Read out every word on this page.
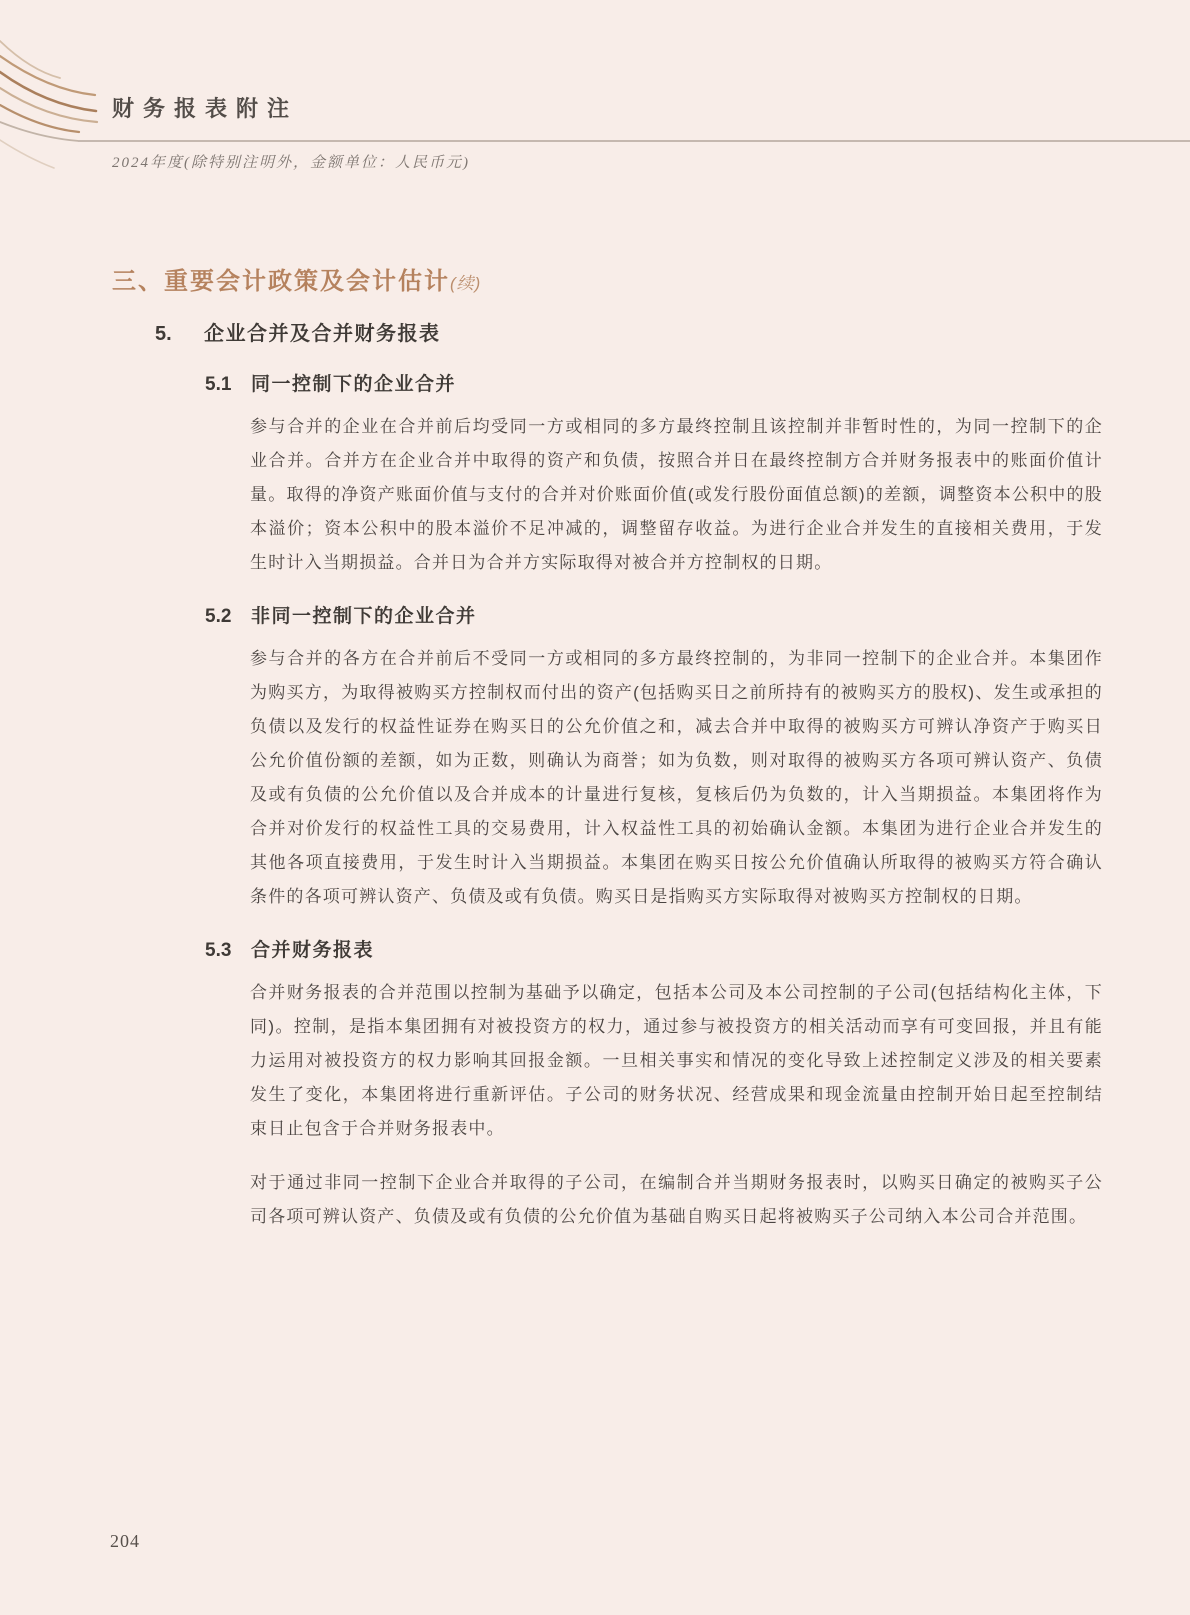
财务报表附注
2024年度(除特别注明外，金额单位：人民币元)
三、重要会计政策及会计估计(续)
5. 企业合并及合并财务报表
5.1 同一控制下的企业合并

参与合并的企业在合并前后均受同一方或相同的多方最终控制且该控制并非暂时性的，为同一控制下的企业合并。合并方在企业合并中取得的资产和负债，按照合并日在最终控制方合并财务报表中的账面价值计量。取得的净资产账面价值与支付的合并对价账面价值(或发行股份面值总额)的差额，调整资本公积中的股本溢价；资本公积中的股本溢价不足冲减的，调整留存收益。为进行企业合并发生的直接相关费用，于发生时计入当期损益。合并日为合并方实际取得对被合并方控制权的日期。

5.2 非同一控制下的企业合并

参与合并的各方在合并前后不受同一方或相同的多方最终控制的，为非同一控制下的企业合并。本集团作为购买方，为取得被购买方控制权而付出的资产(包括购买日之前所持有的被购买方的股权)、发生或承担的负债以及发行的权益性证券在购买日的公允价值之和，减去合并中取得的被购买方可辨认净资产于购买日公允价值份额的差额，如为正数，则确认为商誉；如为负数，则对取得的被购买方各项可辨认资产、负债及或有负债的公允价值以及合并成本的计量进行复核，复核后仍为负数的，计入当期损益。本集团将作为合并对价发行的权益性工具的交易费用，计入权益性工具的初始确认金额。本集团为进行企业合并发生的其他各项直接费用，于发生时计入当期损益。本集团在购买日按公允价值确认所取得的被购买方符合确认条件的各项可辨认资产、负债及或有负债。购买日是指购买方实际取得对被购买方控制权的日期。

5.3 合并财务报表

合并财务报表的合并范围以控制为基础予以确定，包括本公司及本公司控制的子公司(包括结构化主体，下同)。控制，是指本集团拥有对被投资方的权力，通过参与被投资方的相关活动而享有可变回报，并且有能力运用对被投资方的权力影响其回报金额。一旦相关事实和情况的变化导致上述控制定义涉及的相关要素发生了变化，本集团将进行重新评估。子公司的财务状况、经营成果和现金流量由控制开始日起至控制结束日止包含于合并财务报表中。

对于通过非同一控制下企业合并取得的子公司，在编制合并当期财务报表时，以购买日确定的被购买子公司各项可辨认资产、负债及或有负债的公允价值为基础自购买日起将被购买子公司纳入本公司合并范围。

204
